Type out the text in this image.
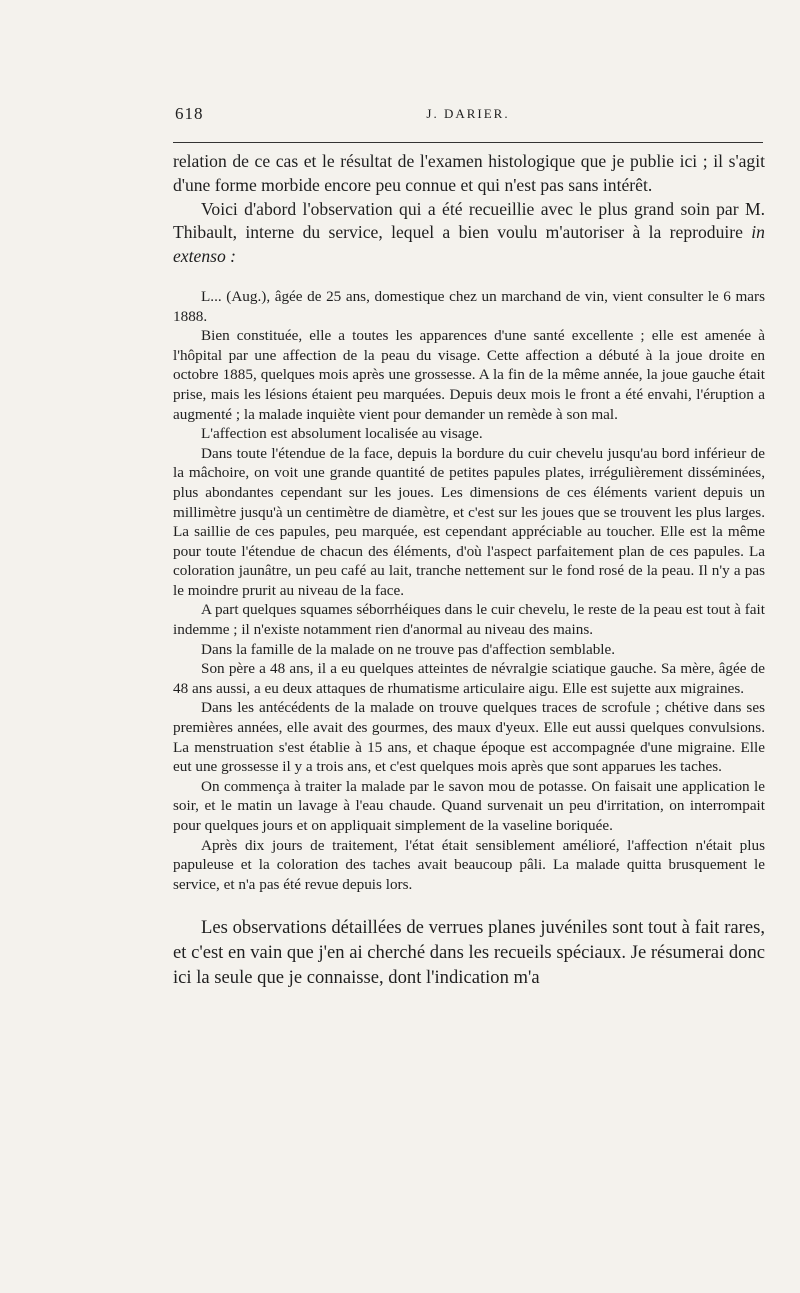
618	J. DARIER.

relation de ce cas et le résultat de l'examen histologique que je publie ici ; il s'agit d'une forme morbide encore peu connue et qui n'est pas sans intérêt.

Voici d'abord l'observation qui a été recueillie avec le plus grand soin par M. Thibault, interne du service, lequel a bien voulu m'autoriser à la reproduire in extenso :

L... (Aug.), âgée de 25 ans, domestique chez un marchand de vin, vient consulter le 6 mars 1888.

Bien constituée, elle a toutes les apparences d'une santé excellente ; elle est amenée à l'hôpital par une affection de la peau du visage. Cette affection a débuté à la joue droite en octobre 1885, quelques mois après une grossesse. A la fin de la même année, la joue gauche était prise, mais les lésions étaient peu marquées. Depuis deux mois le front a été envahi, l'éruption a augmenté ; la malade inquiète vient pour demander un remède à son mal.

L'affection est absolument localisée au visage.

Dans toute l'étendue de la face, depuis la bordure du cuir chevelu jusqu'au bord inférieur de la mâchoire, on voit une grande quantité de petites papules plates, irrégulièrement disséminées, plus abondantes cependant sur les joues. Les dimensions de ces éléments varient depuis un millimètre jusqu'à un centimètre de diamètre, et c'est sur les joues que se trouvent les plus larges. La saillie de ces papules, peu marquée, est cependant appréciable au toucher. Elle est la même pour toute l'étendue de chacun des éléments, d'où l'aspect parfaitement plan de ces papules. La coloration jaunâtre, un peu café au lait, tranche nettement sur le fond rosé de la peau. Il n'y a pas le moindre prurit au niveau de la face.

A part quelques squames séborrhéiques dans le cuir chevelu, le reste de la peau est tout à fait indemme ; il n'existe notamment rien d'anormal au niveau des mains.

Dans la famille de la malade on ne trouve pas d'affection semblable.

Son père a 48 ans, il a eu quelques atteintes de névralgie sciatique gauche. Sa mère, âgée de 48 ans aussi, a eu deux attaques de rhumatisme articulaire aigu. Elle est sujette aux migraines.

Dans les antécédents de la malade on trouve quelques traces de scrofule ; chétive dans ses premières années, elle avait des gourmes, des maux d'yeux. Elle eut aussi quelques convulsions. La menstruation s'est établie à 15 ans, et chaque époque est accompagnée d'une migraine. Elle eut une grossesse il y a trois ans, et c'est quelques mois après que sont apparues les taches.

On commença à traiter la malade par le savon mou de potasse. On faisait une application le soir, et le matin un lavage à l'eau chaude. Quand survenait un peu d'irritation, on interrompait pour quelques jours et on appliquait simplement de la vaseline boriquée.

Après dix jours de traitement, l'état était sensiblement amélioré, l'affection n'était plus papuleuse et la coloration des taches avait beaucoup pâli. La malade quitta brusquement le service, et n'a pas été revue depuis lors.

Les observations détaillées de verrues planes juvéniles sont tout à fait rares, et c'est en vain que j'en ai cherché dans les recueils spéciaux. Je résumerai donc ici la seule que je connaisse, dont l'indication m'a
